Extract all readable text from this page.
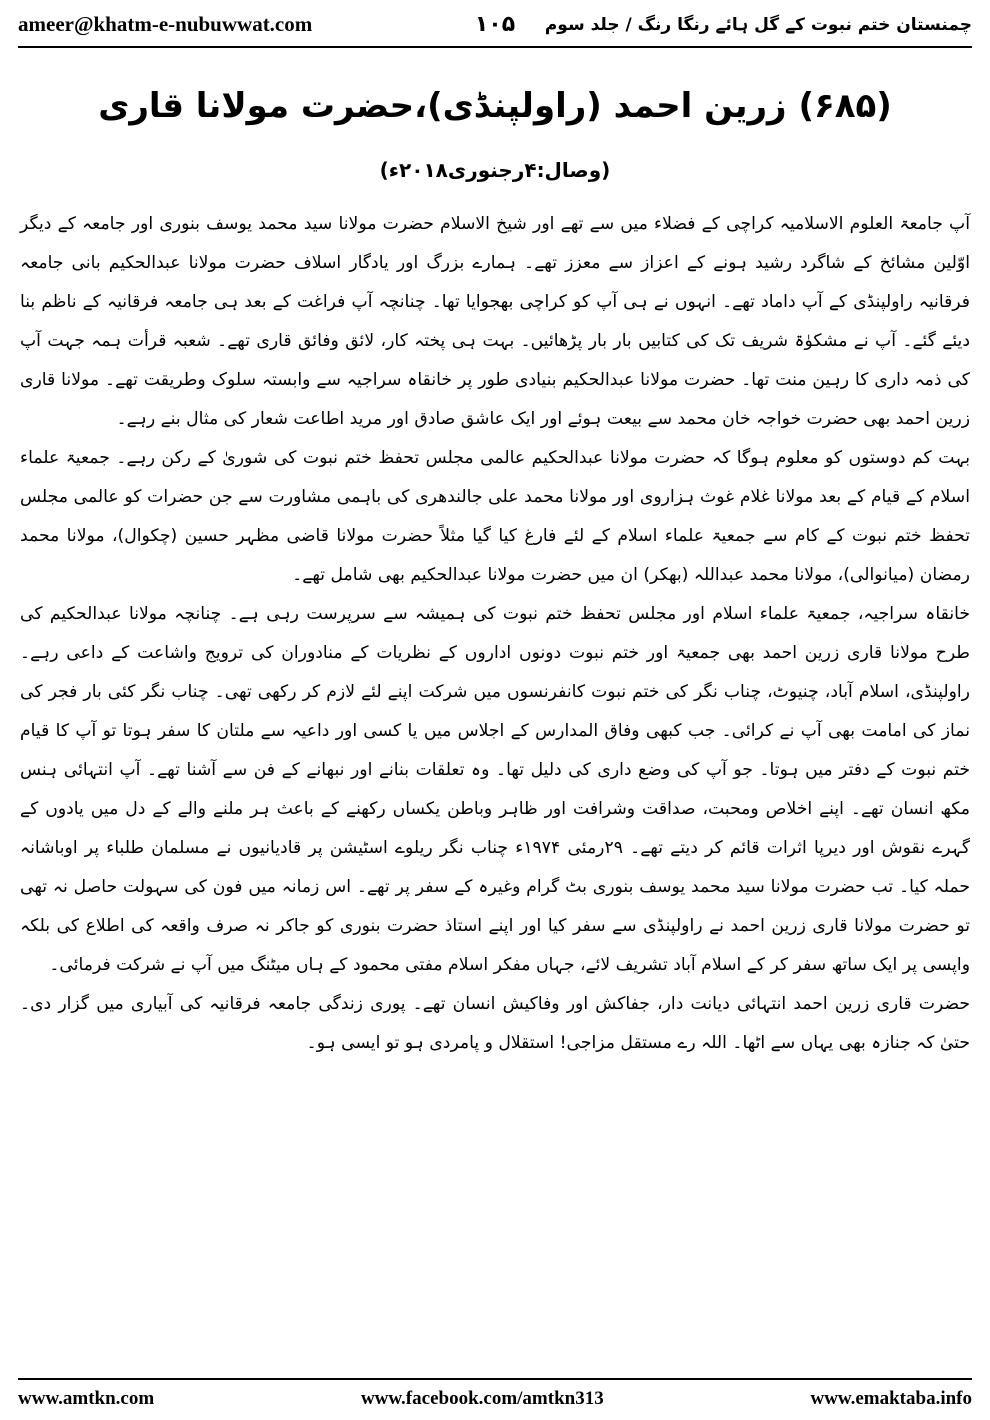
ameer@khatm-e-nubuwwat.com	۱۰۵ چمنستان ختم نبوت کے گل ہائے رنگا رنگ / جلد سوم
(۶۸۵) زرین احمد (راولپنڈی)،حضرت مولانا قاری
(وصال:۴رجنوری۲۰۱۸ء)

آپ جامعۃ العلوم الاسلامیہ کراچی کے فضلاء میں سے تھے اور شیخ الاسلام حضرت مولانا سید محمد یوسف بنوری اور جامعہ کے دیگر اوّلین مشائخ کے شاگرد رشید ہونے کے اعزاز سے معزز تھے۔ ہمارے بزرگ اور یادگار اسلاف حضرت مولانا عبدالحکیم بانی جامعہ فرقانیہ راولپنڈی کے آپ داماد تھے۔ انہوں نے ہی آپ کو کراچی بھجوایا تھا۔ چنانچہ آپ فراغت کے بعد ہی جامعہ فرقانیہ کے ناظم بنا دیئے گئے۔ آپ نے مشکوٰۃ شریف تک کی کتابیں بار بار پڑھائیں۔ بہت ہی پختہ کار، لائق وفائق قاری تھے۔ شعبہ قرأت ہمہ جہت آپ کی ذمہ داری کا رہین منت تھا۔ حضرت مولانا عبدالحکیم بنیادی طور پر خانقاہ سراجیہ سے وابستہ سلوک وطریقت تھے۔ مولانا قاری زرین احمد بھی حضرت خواجہ خان محمد سے بیعت ہوئے اور ایک عاشق صادق اور مرید اطاعت شعار کی مثال بنے رہے۔

بہت کم دوستوں کو معلوم ہوگا کہ حضرت مولانا عبدالحکیم عالمی مجلس تحفظ ختم نبوت کی شوریٰ کے رکن رہے۔ جمعیۃ علماء اسلام کے قیام کے بعد مولانا غلام غوث ہزاروی اور مولانا محمد علی جالندھری کی باہمی مشاورت سے جن حضرات کو عالمی مجلس تحفظ ختم نبوت کے کام سے جمعیۃ علماء اسلام کے لئے فارغ کیا گیا مثلاً حضرت مولانا قاضی مظہر حسین (چکوال)، مولانا محمد رمضان (میانوالی)، مولانا محمد عبداللہ (بھکر) ان میں حضرت مولانا عبدالحکیم بھی شامل تھے۔

خانقاہ سراجیہ، جمعیۃ علماء اسلام اور مجلس تحفظ ختم نبوت کی ہمیشہ سے سرپرست رہی ہے۔ چنانچہ مولانا عبدالحکیم کی طرح مولانا قاری زرین احمد بھی جمعیۃ اور ختم نبوت دونوں اداروں کے نظریات کے منادوران کی ترویج واشاعت کے داعی رہے۔ راولپنڈی، اسلام آباد، چنیوٹ، چناب نگر کی ختم نبوت کانفرنسوں میں شرکت اپنے لئے لازم کر رکھی تھی۔ چناب نگر کئی بار فجر کی نماز کی امامت بھی آپ نے کرائی۔ جب کبھی وفاق المدارس کے اجلاس میں یا کسی اور داعیہ سے ملتان کا سفر ہوتا تو آپ کا قیام ختم نبوت کے دفتر میں ہوتا۔ جو آپ کی وضع داری کی دلیل تھا۔ وہ تعلقات بنانے اور نبھانے کے فن سے آشنا تھے۔ آپ انتہائی ہنس مکھ انسان تھے۔ اپنے اخلاص ومحبت، صداقت وشرافت اور ظاہر وباطن یکساں رکھنے کے باعث ہر ملنے والے کے دل میں یادوں کے گہرے نقوش اور دیرپا اثرات قائم کر دیتے تھے۔ ۲۹رمئی ۱۹۷۴ء چناب نگر ریلوے اسٹیشن پر قادیانیوں نے مسلمان طلباء پر اوباشانہ حملہ کیا۔ تب حضرت مولانا سید محمد یوسف بنوری بٹ گرام وغیرہ کے سفر پر تھے۔ اس زمانہ میں فون کی سہولت حاصل نہ تھی تو حضرت مولانا قاری زرین احمد نے راولپنڈی سے سفر کیا اور اپنے استاذ حضرت بنوری کو جاکر نہ صرف واقعہ کی اطلاع کی بلکہ واپسی پر ایک ساتھ سفر کر کے اسلام آباد تشریف لائے، جہاں مفکر اسلام مفتی محمود کے ہاں میٹنگ میں آپ نے شرکت فرمائی۔

حضرت قاری زرین احمد انتہائی دیانت دار، جفاکش اور وفاکیش انسان تھے۔ پوری زندگی جامعہ فرقانیہ کی آبیاری میں گزار دی۔ حتیٰ کہ جنازہ بھی یہاں سے اٹھا۔ اللہ رے مستقل مزاجی! استقلال و پامردی ہو تو ایسی ہو۔

www.amtkn.com	www.facebook.com/amtkn313	www.emaktaba.info
